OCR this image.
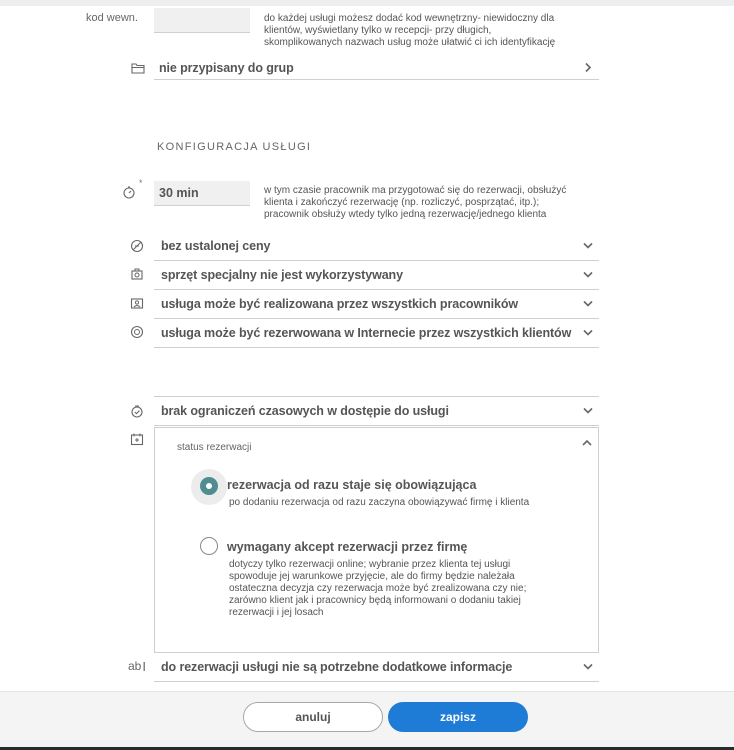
kod wewn.	do każdej usługi możesz dodać kod wewnętrzny- niewidoczny dla
klientów, wyświetlany tylko w recepcji- przy długich,
skomplikowanych nazwach usług może ułatwić ci ich identyfikację
nie przypisany do grup
KONFIGURACJA USŁUGI
*
30 min	w tym czasie pracownik ma przygotować się do rezerwacji, obsłużyć
klienta i zakończyć rezerwację (np. rozliczyć, posprzątać, itp.);
pracownik obsłuży wtedy tylko jedną rezerwację/jednego klienta
bez ustalonej ceny
sprzęt specjalny nie jest wykorzystywany
usługa może być realizowana przez wszystkich pracowników
usługa może być rezerwowana w Internecie przez wszystkich klientów
brak ograniczeń czasowych w dostępie do usługi
status rezerwacji
rezerwacja od razu staje się obowiązująca
po dodaniu rezerwacja od razu zaczyna obowiązywać firmę i klienta
wymagany akcept rezerwacji przez firmę
dotyczy tylko rezerwacji online; wybranie przez klienta tej usługi
spowoduje jej warunkowe przyjęcie, ale do firmy będzie należała
ostateczna decyzja czy rezerwacja może być zrealizowana czy nie;
zarówno klient jak i pracownicy będą informowani o dodaniu takiej
rezerwacji i jej losach
ab I do rezerwacji usługi nie są potrzebne dodatkowe informacje
anuluj	zapisz
